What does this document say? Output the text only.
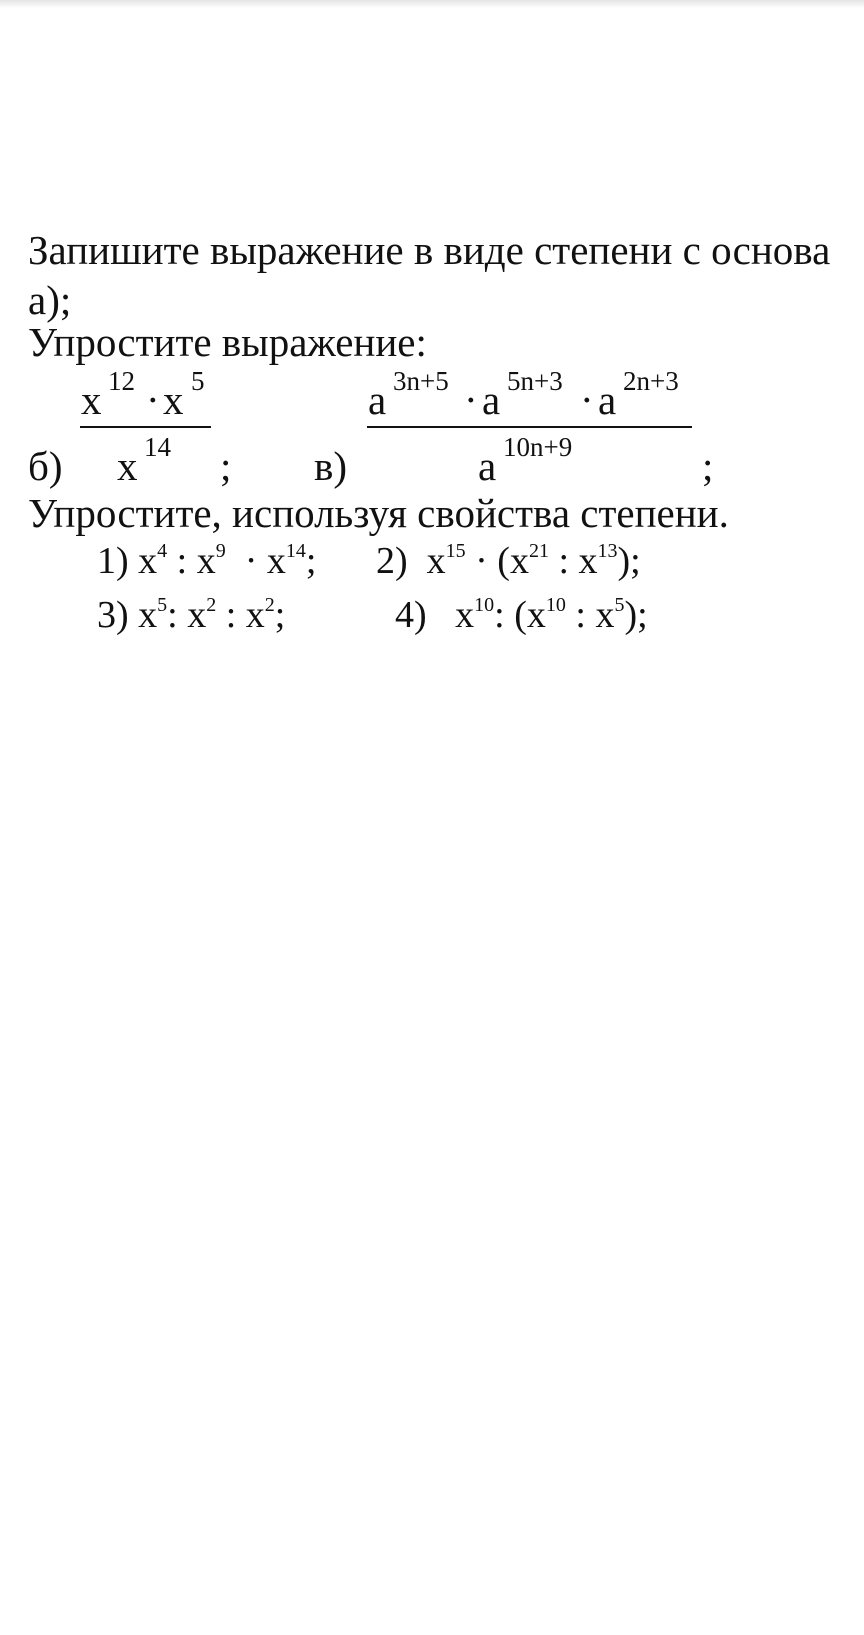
Запишите выражение в виде степени с основа
а);
Упростите выражение:
x 12 · x 5
x 14
б)	;
a 3n+5 · a 5n+3 · a 2n+3
a 10n+9
в)	;
Упростите, используя свойства степени.
1) $x^4$ : $x^9 \cdot x^{14}$; 2) $x^{15} \cdot (x^{21}$ : $x^{13}$);
3) $x^5$: $x^2$ : $x^2$;	4) $x^{10}$: ($x^{10}$ : $x^5$);
